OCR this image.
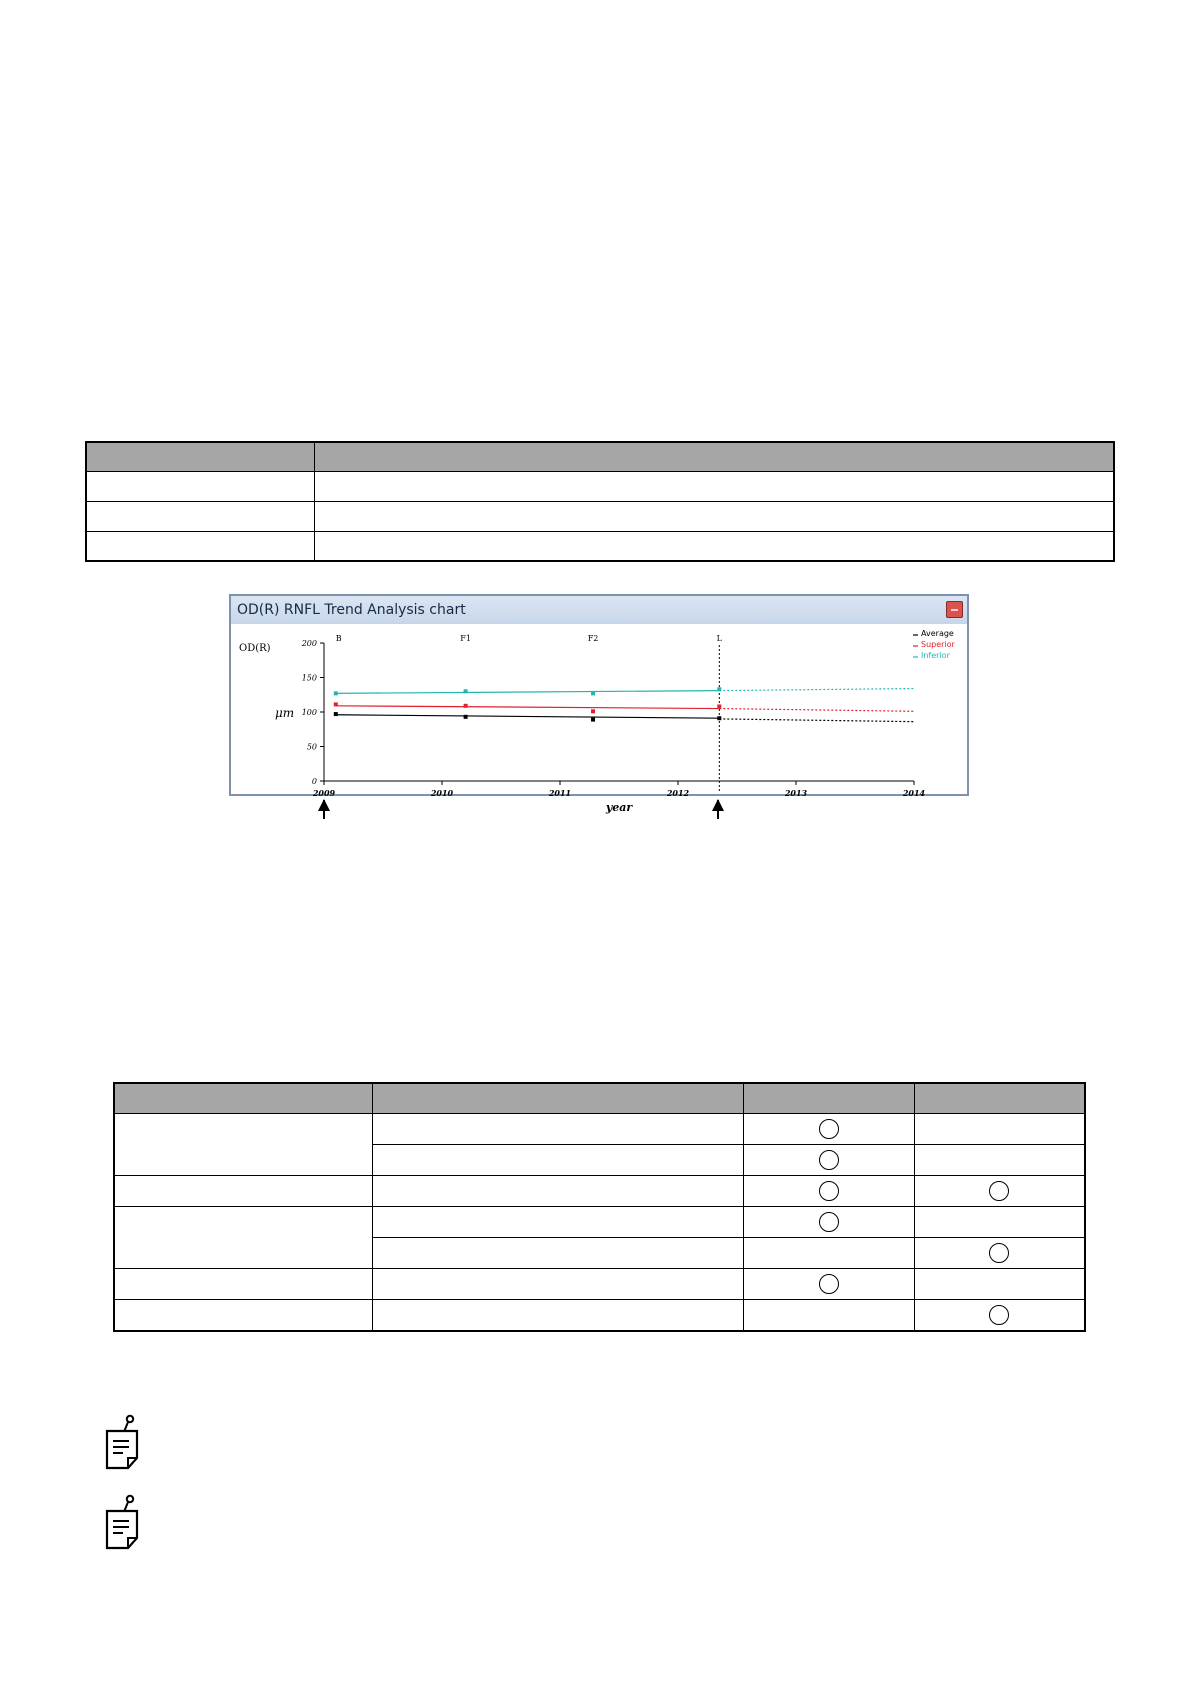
OD(R) RNFL Trend Analysis chart
0
50
100
150
200
2009	2010	2011	2012	2013	2014
OD(R)
μm
year
B	F1	F2	L
Average
Superior
Inferior
